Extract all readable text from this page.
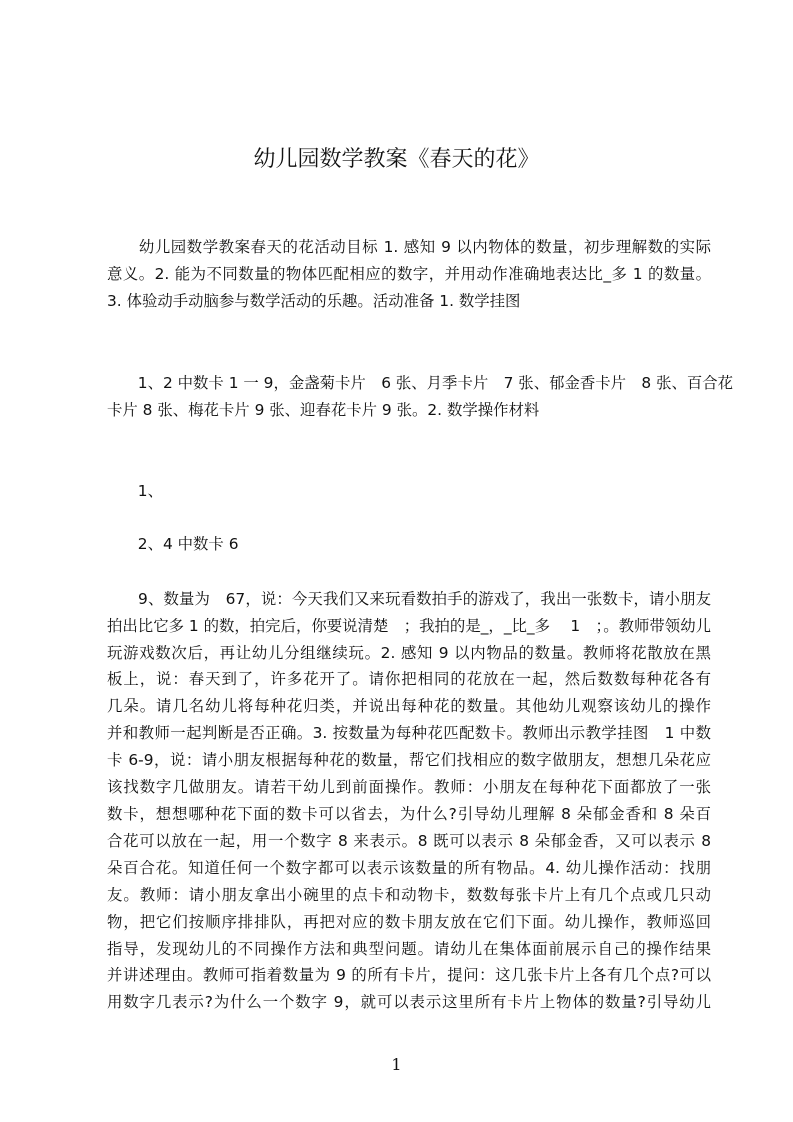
幼儿园数学教案《春天的花》
　　幼儿园数学教案春天的花活动目标 1. 感知 9 以内物体的数量，初步理解数的实际
意义。2. 能为不同数量的物体匹配相应的数字，并用动作准确地表达比_多 1 的数量。
3. 体验动手动脑参与数学活动的乐趣。活动准备 1. 数学挂图
　　1、2 中数卡 1 一 9，金盏菊卡片　6 张、月季卡片　7 张、郁金香卡片　8 张、百合花
卡片 8 张、梅花卡片 9 张、迎春花卡片 9 张。2. 数学操作材料
　　1、
　　2、4 中数卡 6
　　9、数量为　67，说：今天我们又来玩看数拍手的游戏了，我出一张数卡，请小朋友
拍出比它多 1 的数，拍完后，你要说清楚　；我拍的是_，_比_多　 1　；。教师带领幼儿
玩游戏数次后，再让幼儿分组继续玩。2. 感知 9 以内物品的数量。教师将花散放在黑
板上，说：春天到了，许多花开了。请你把相同的花放在一起，然后数数每种花各有
几朵。请几名幼儿将每种花归类，并说出每种花的数量。其他幼儿观察该幼儿的操作
并和教师一起判断是否正确。3. 按数量为每种花匹配数卡。教师出示教学挂图　1 中数
卡 6-9，说：请小朋友根据每种花的数量，帮它们找相应的数字做朋友，想想几朵花应
该找数字几做朋友。请若干幼儿到前面操作。教师：小朋友在每种花下面都放了一张
数卡，想想哪种花下面的数卡可以省去，为什么?引导幼儿理解 8 朵郁金香和 8 朵百
合花可以放在一起，用一个数字 8 来表示。8 既可以表示 8 朵郁金香，又可以表示 8
朵百合花。知道任何一个数字都可以表示该数量的所有物品。4. 幼儿操作活动：找朋
友。教师：请小朋友拿出小碗里的点卡和动物卡，数数每张卡片上有几个点或几只动
物，把它们按顺序排排队，再把对应的数卡朋友放在它们下面。幼儿操作，教师巡回
指导，发现幼儿的不同操作方法和典型问题。请幼儿在集体面前展示自己的操作结果
并讲述理由。教师可指着数量为 9 的所有卡片，提问：这几张卡片上各有几个点?可以
用数字几表示?为什么一个数字 9，就可以表示这里所有卡片上物体的数量?引导幼儿
1
